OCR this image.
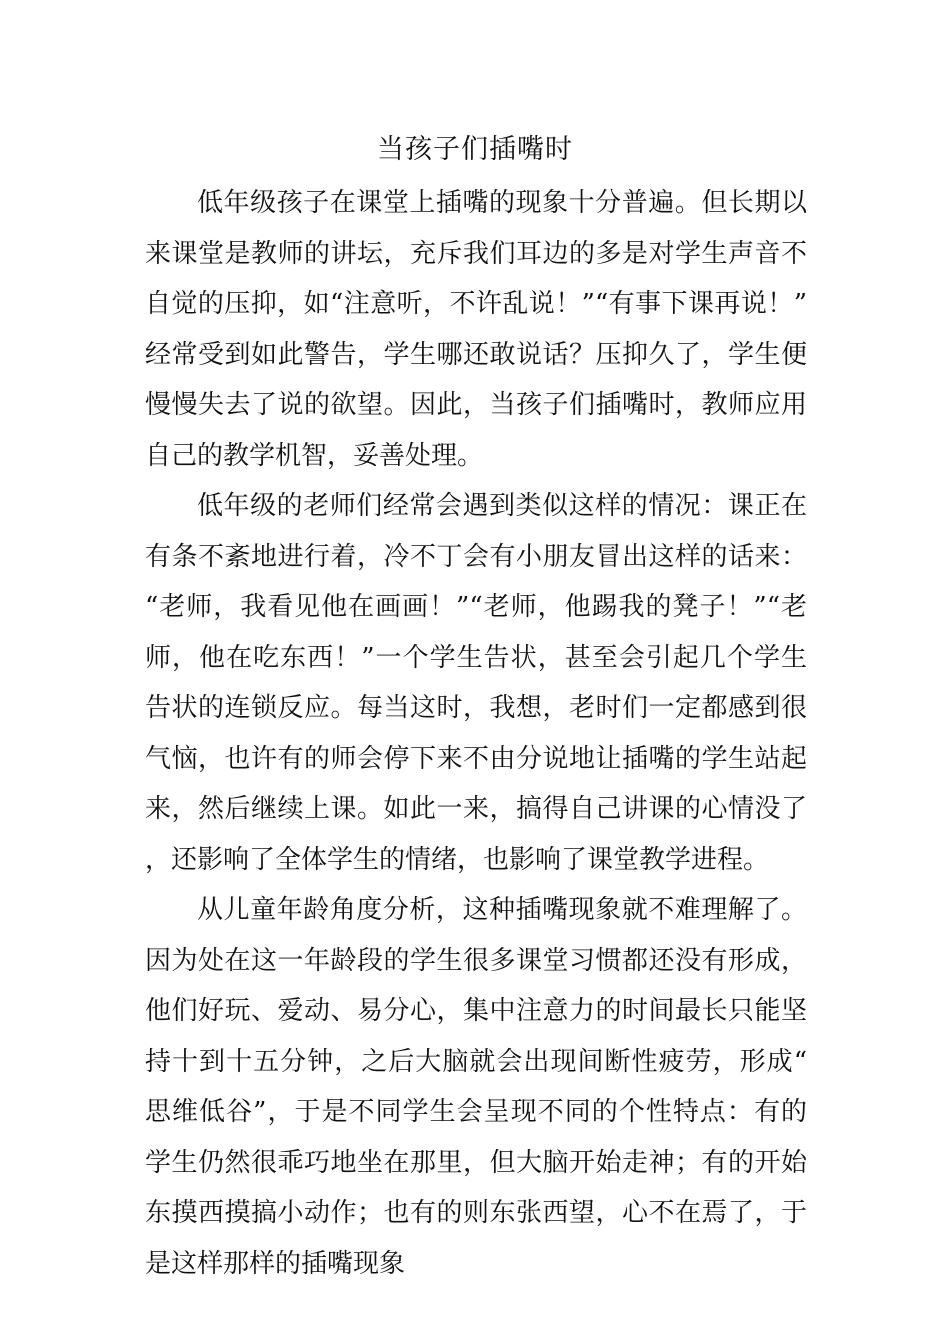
当孩子们插嘴时

低年级孩子在课堂上插嘴的现象十分普遍。但长期以来课堂是教师的讲坛，充斥我们耳边的多是对学生声音不自觉的压抑，如“注意听，不许乱说！”“有事下课再说！”经常受到如此警告，学生哪还敢说话？压抑久了，学生便慢慢失去了说的欲望。因此，当孩子们插嘴时，教师应用自己的教学机智，妥善处理。

低年级的老师们经常会遇到类似这样的情况：课正在有条不紊地进行着，冷不丁会有小朋友冒出这样的话来：“老师，我看见他在画画！”“老师，他踢我的凳子！”“老师，他在吃东西！”一个学生告状，甚至会引起几个学生告状的连锁反应。每当这时，我想，老时们一定都感到很气恼，也许有的师会停下来不由分说地让插嘴的学生站起来，然后继续上课。如此一来，搞得自己讲课的心情没了，还影响了全体学生的情绪，也影响了课堂教学进程。

从儿童年龄角度分析，这种插嘴现象就不难理解了。因为处在这一年龄段的学生很多课堂习惯都还没有形成，他们好玩、爱动、易分心，集中注意力的时间最长只能坚持十到十五分钟，之后大脑就会出现间断性疲劳，形成“思维低谷”，于是不同学生会呈现不同的个性特点：有的学生仍然很乖巧地坐在那里，但大脑开始走神；有的开始东摸西摸搞小动作；也有的则东张西望，心不在焉了，于是这样那样的插嘴现象
